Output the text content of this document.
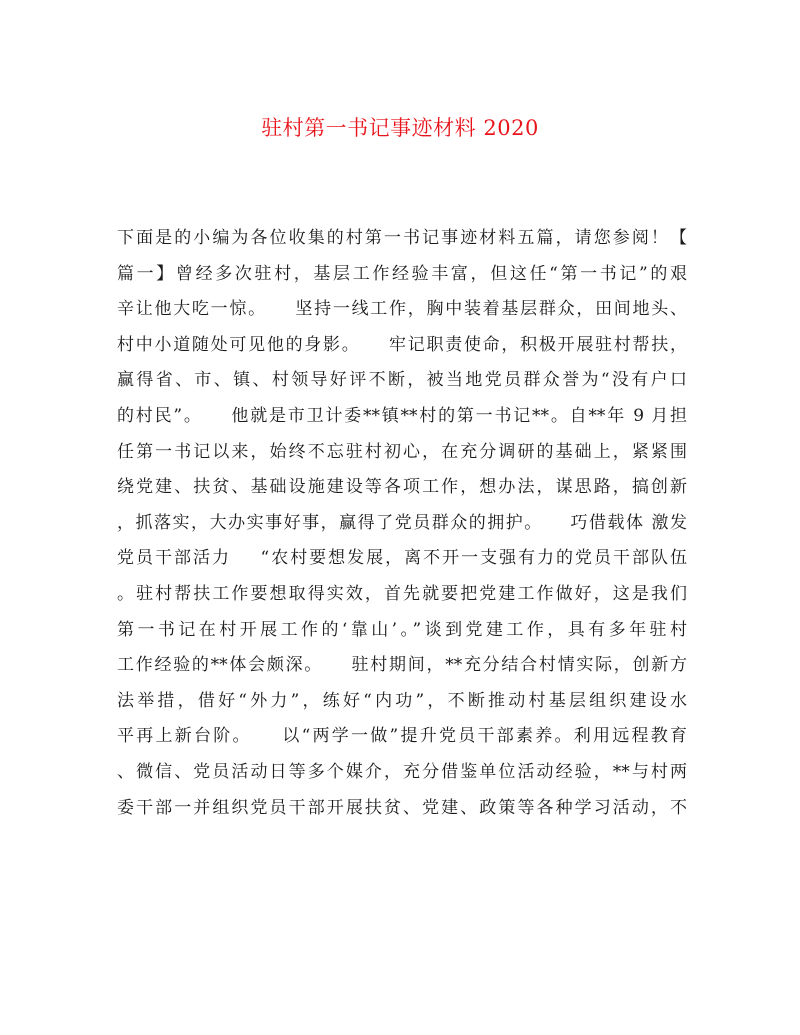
驻村第一书记事迹材料 2020
下面是的小编为各位收集的村第一书记事迹材料五篇，请您参阅！【
篇一】曾经多次驻村，基层工作经验丰富，但这任“第一书记”的艰
辛让他大吃一惊。    坚持一线工作，胸中装着基层群众，田间地头、
村中小道随处可见他的身影。    牢记职责使命，积极开展驻村帮扶，
赢得省、市、镇、村领导好评不断，被当地党员群众誉为“没有户口
的村民”。    他就是市卫计委**镇**村的第一书记**。自**年 9 月担
任第一书记以来，始终不忘驻村初心，在充分调研的基础上，紧紧围
绕党建、扶贫、基础设施建设等各项工作，想办法，谋思路，搞创新
，抓落实，大办实事好事，赢得了党员群众的拥护。    巧借载体 激发
党员干部活力    “农村要想发展，离不开一支强有力的党员干部队伍
。驻村帮扶工作要想取得实效，首先就要把党建工作做好，这是我们
第一书记在村开展工作的‘靠山’。”谈到党建工作，具有多年驻村
工作经验的**体会颇深。    驻村期间，**充分结合村情实际，创新方
法举措，借好“外力”，练好“内功”，不断推动村基层组织建设水
平再上新台阶。    以“两学一做”提升党员干部素养。利用远程教育
、微信、党员活动日等多个媒介，充分借鉴单位活动经验，**与村两
委干部一并组织党员干部开展扶贫、党建、政策等各种学习活动，不
